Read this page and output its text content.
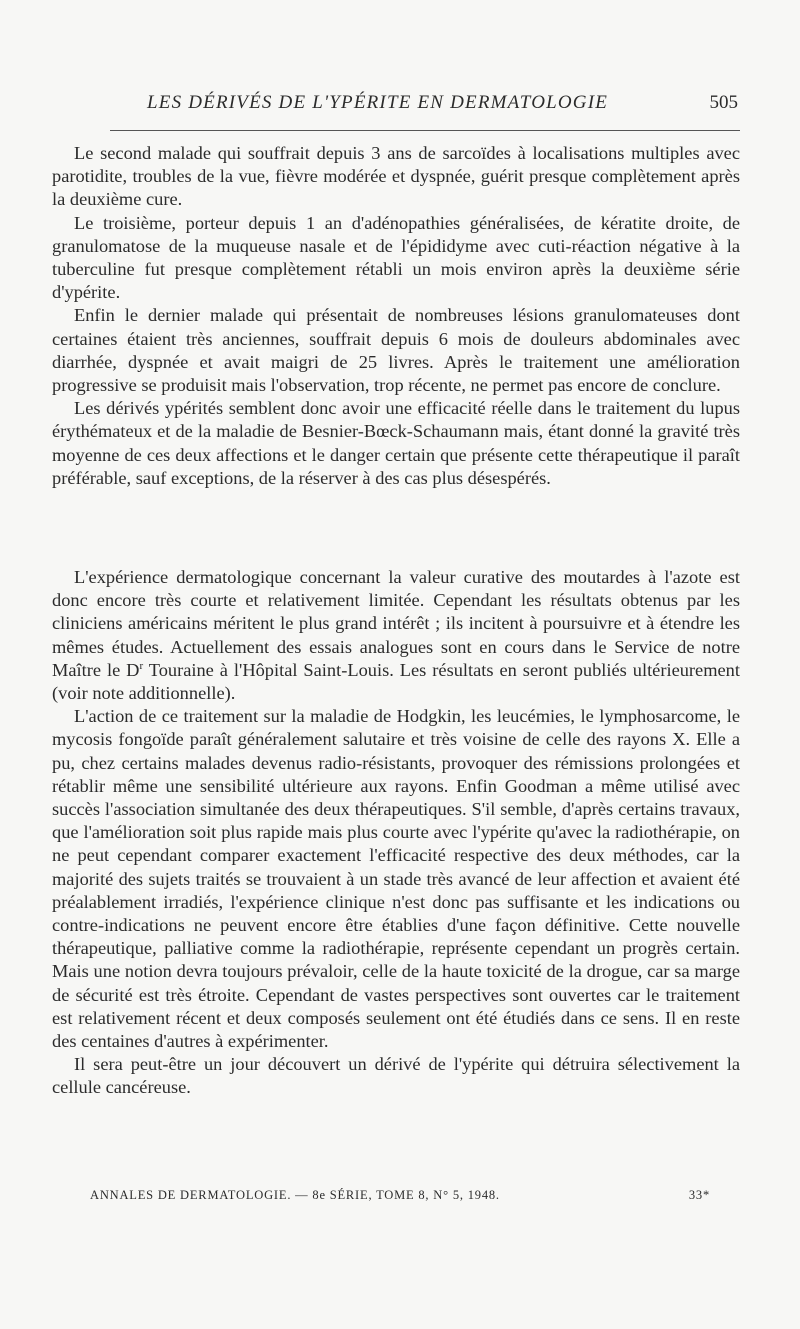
LES DÉRIVÉS DE L'YPÉRITE EN DERMATOLOGIE	505

Le second malade qui souffrait depuis 3 ans de sarcoïdes à localisations multiples avec parotidite, troubles de la vue, fièvre modérée et dyspnée, guérit presque complètement après la deuxième cure.

Le troisième, porteur depuis 1 an d'adénopathies généralisées, de kératite droite, de granulomatose de la muqueuse nasale et de l'épididyme avec cuti-réaction négative à la tuberculine fut presque complètement rétabli un mois environ après la deuxième série d'ypérite.

Enfin le dernier malade qui présentait de nombreuses lésions granulomateuses dont certaines étaient très anciennes, souffrait depuis 6 mois de douleurs abdominales avec diarrhée, dyspnée et avait maigri de 25 livres. Après le traitement une amélioration progressive se produisit mais l'observation, trop récente, ne permet pas encore de conclure.

Les dérivés ypérités semblent donc avoir une efficacité réelle dans le traitement du lupus érythémateux et de la maladie de Besnier-Bœck-Schaumann mais, étant donné la gravité très moyenne de ces deux affections et le danger certain que présente cette thérapeutique il paraît préférable, sauf exceptions, de la réserver à des cas plus désespérés.

L'expérience dermatologique concernant la valeur curative des moutardes à l'azote est donc encore très courte et relativement limitée. Cependant les résultats obtenus par les cliniciens américains méritent le plus grand intérêt ; ils incitent à poursuivre et à étendre les mêmes études. Actuellement des essais analogues sont en cours dans le Service de notre Maître le $D^r$ Touraine à l'Hôpital Saint-Louis. Les résultats en seront publiés ultérieurement (voir note additionnelle).

L'action de ce traitement sur la maladie de Hodgkin, les leucémies, le lymphosarcome, le mycosis fongoïde paraît généralement salutaire et très voisine de celle des rayons X. Elle a pu, chez certains malades devenus radio-résistants, provoquer des rémissions prolongées et rétablir même une sensibilité ultérieure aux rayons. Enfin Goodman a même utilisé avec succès l'association simultanée des deux thérapeutiques. S'il semble, d'après certains travaux, que l'amélioration soit plus rapide mais plus courte avec l'ypérite qu'avec la radiothérapie, on ne peut cependant comparer exactement l'efficacité respective des deux méthodes, car la majorité des sujets traités se trouvaient à un stade très avancé de leur affection et avaient été préalablement irradiés, l'expérience clinique n'est donc pas suffisante et les indications ou contre-indications ne peuvent encore être établies d'une façon définitive. Cette nouvelle thérapeutique, palliative comme la radiothérapie, représente cependant un progrès certain. Mais une notion devra toujours prévaloir, celle de la haute toxicité de la drogue, car sa marge de sécurité est très étroite. Cependant de vastes perspectives sont ouvertes car le traitement est relativement récent et deux composés seulement ont été étudiés dans ce sens. Il en reste des centaines d'autres à expérimenter.

Il sera peut-être un jour découvert un dérivé de l'ypérite qui détruira sélectivement la cellule cancéreuse.

ANNALES DE DERMATOLOGIE. — 8e SÉRIE, TOME 8, N° 5, 1948.	33*
